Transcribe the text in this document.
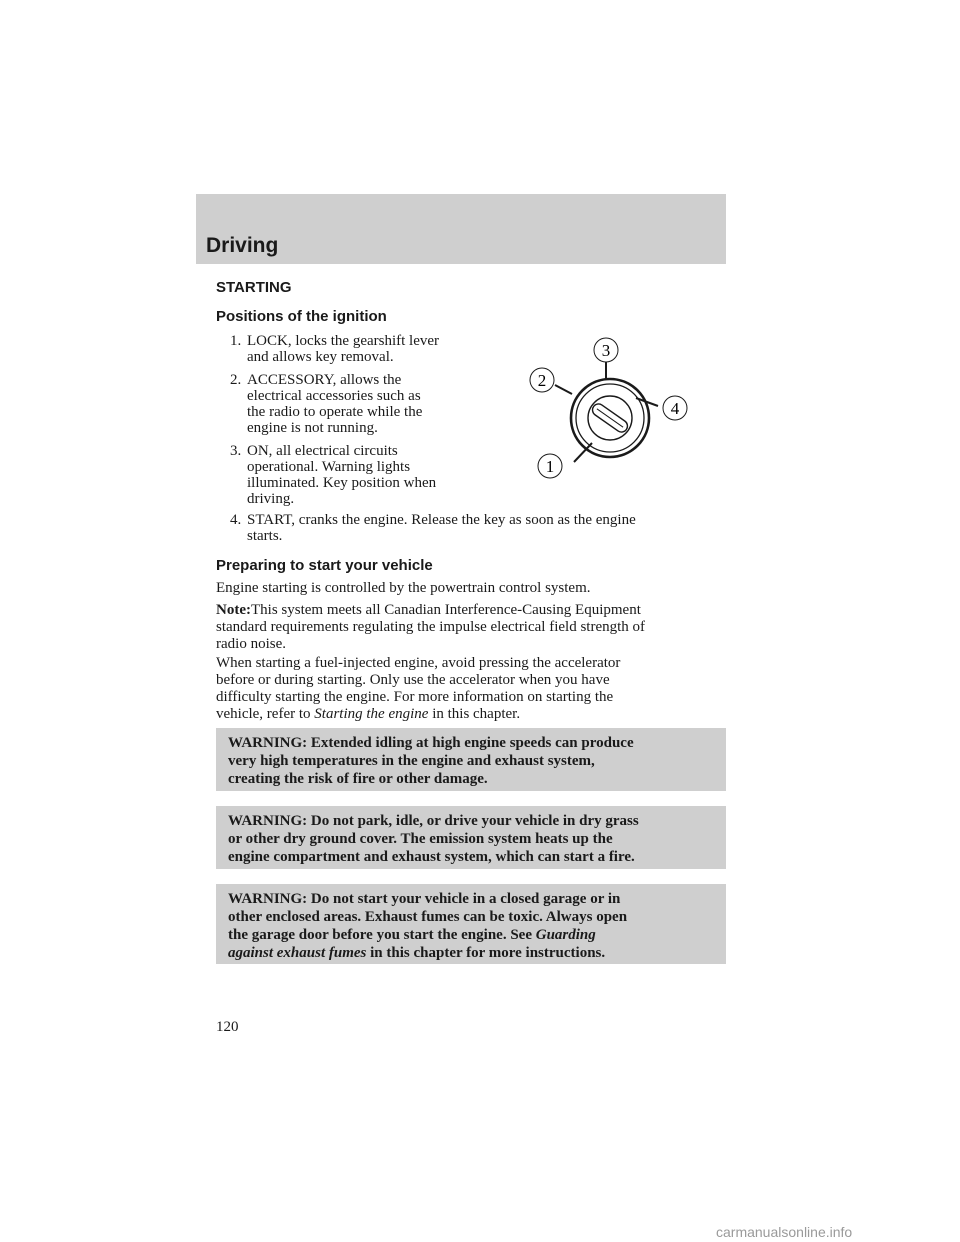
Driving
STARTING
Positions of the ignition
1. LOCK, locks the gearshift lever
and allows key removal.
2. ACCESSORY, allows the
electrical accessories such as
the radio to operate while the
engine is not running.
3. ON, all electrical circuits
operational. Warning lights
illuminated. Key position when
driving.
4. START, cranks the engine. Release the key as soon as the engine
starts.
1
2
3
4
Preparing to start your vehicle
Engine starting is controlled by the powertrain control system.
Note:This system meets all Canadian Interference-Causing Equipment
standard requirements regulating the impulse electrical field strength of
radio noise.
When starting a fuel-injected engine, avoid pressing the accelerator
before or during starting. Only use the accelerator when you have
difficulty starting the engine. For more information on starting the
vehicle, refer to Starting the engine in this chapter.
WARNING: Extended idling at high engine speeds can produce
very high temperatures in the engine and exhaust system,
creating the risk of fire or other damage.
WARNING: Do not park, idle, or drive your vehicle in dry grass
or other dry ground cover. The emission system heats up the
engine compartment and exhaust system, which can start a fire.
WARNING: Do not start your vehicle in a closed garage or in
other enclosed areas. Exhaust fumes can be toxic. Always open
the garage door before you start the engine. See Guarding
against exhaust fumes in this chapter for more instructions.
120
carmanualsonline.info
